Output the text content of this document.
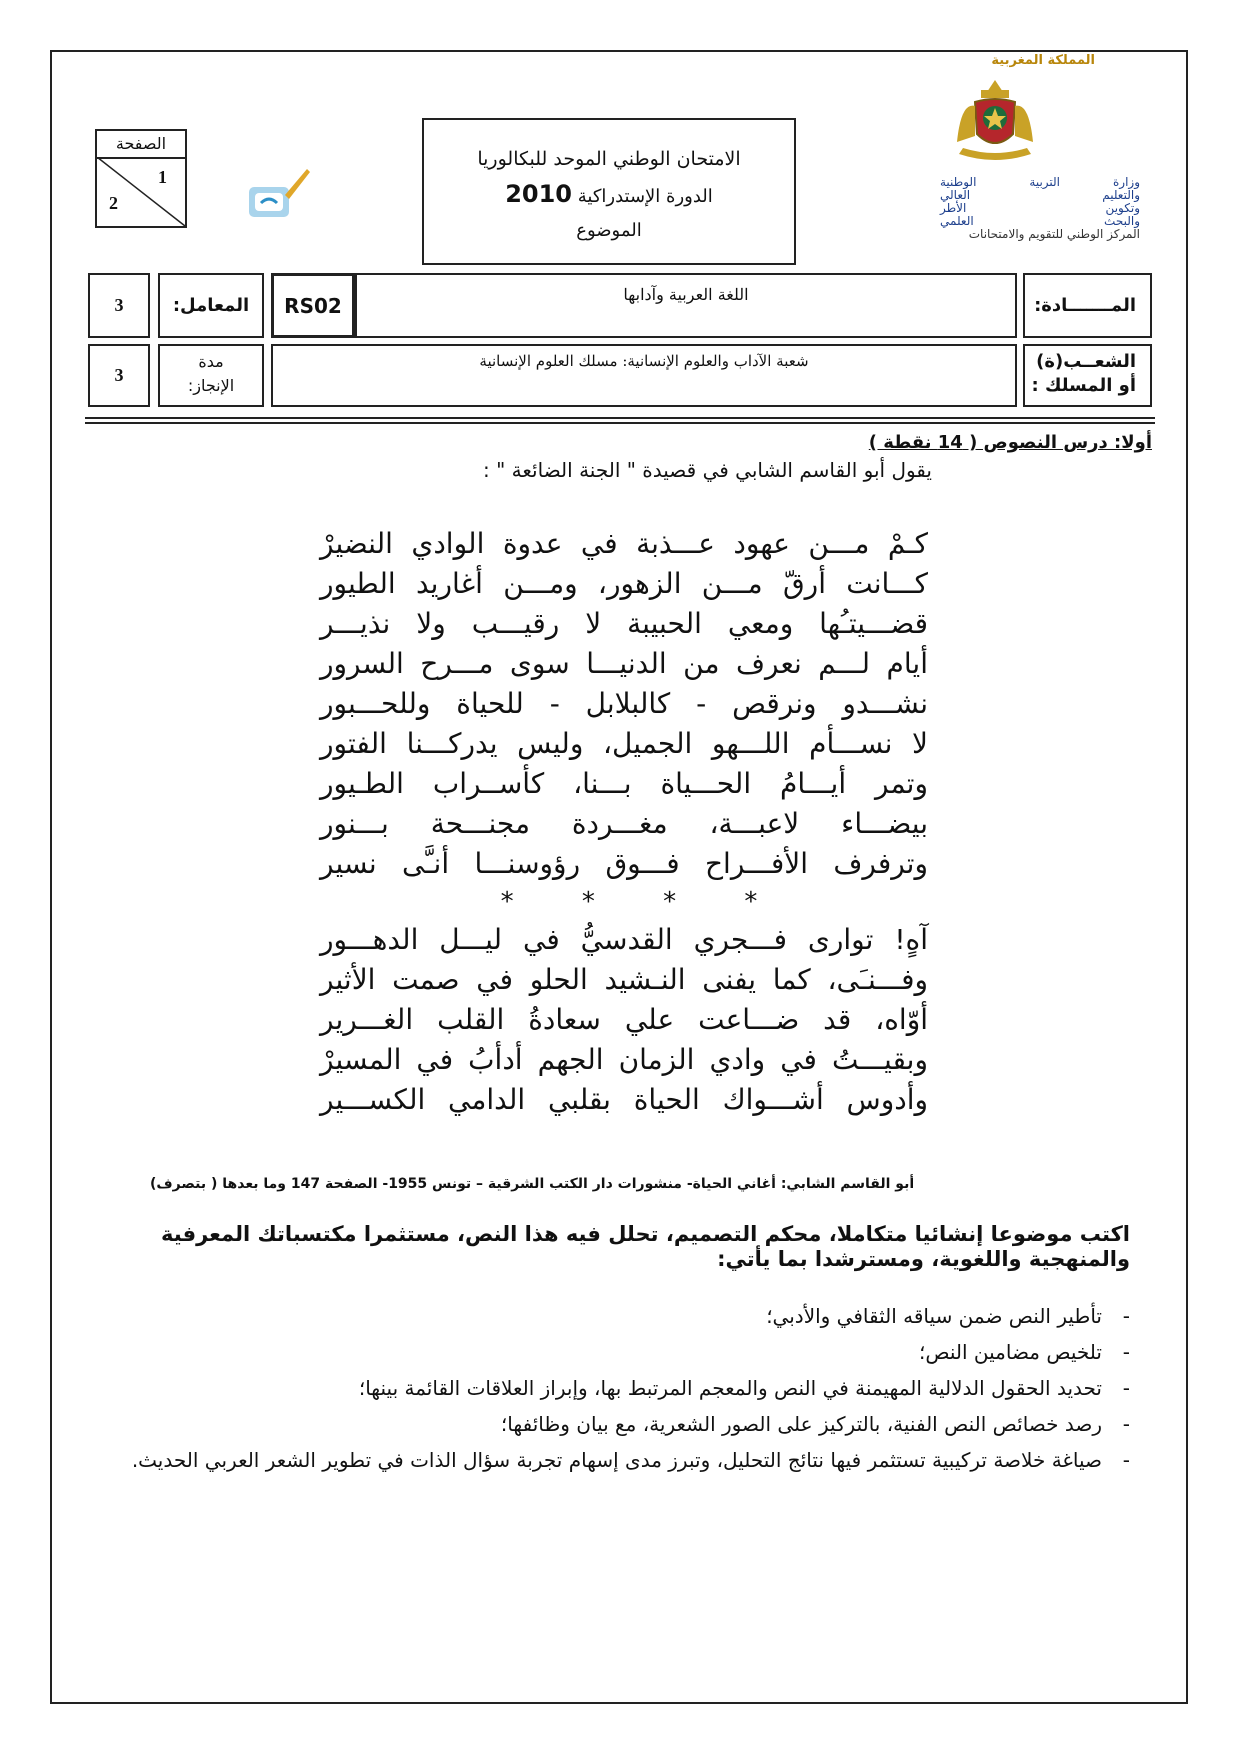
المملكة المغربية
وزارة التربية الوطنية
والتعليم العالي
وتكوين الأطر
والبحث العلمي
المركز الوطني للتقويم والامتحانات
الامتحان الوطني الموحد للبكالوريا
الدورة الإستدراكية 2010
الموضوع
الصفحة
1
2
المـــــــادة:
اللغة العربية وآدابها
RS02
المعامل:
3
الشعــب(ة)
أو المسلك :
شعبة الآداب والعلوم الإنسانية: مسلك العلوم الإنسانية
مدة
الإنجاز:
3
أولا: درس النصوص ( 14 نقطة )
يقول أبو القاسم الشابي في قصيدة " الجنة الضائعة " :
كـمْ مـــن عهود عـــذبة في عدوة الوادي النضيرْ
كـــانت أرقّ مـــن الزهور، ومـــن أغاريد الطيور
قضـــيتـُها ومعي الحبيبة لا رقيـــب ولا نذيـــر
أيام لـــم نعرف من الدنيـــا سوى مـــرح السرور
نشـــدو ونرقص - كالبلابل - للحياة وللحـــبور
لا نســـأم اللـــهو الجميل، وليس يدركـــنا الفتور
وتمر أيـــامُ الحـــياة بـــنا، كأســراب الطـيور
بيضـــاء لاعبـــة، مغـــردة مجنـــحة بـــنور
وترفرف الأفـــراح فـــوق رؤوسنـــا أنـَّى نسير
* * * *
آهٍ! توارى فـــجري القدسيُّ في ليـــل الدهـــور
وفـــنـَى، كما يفنى النـشيد الحلو في صمت الأثير
أوّاه، قد ضـــاعت علي سعادةُ القلب الغـــرير
وبقيـــتُ في وادي الزمان الجهم أدأبُ في المسيرْ
وأدوس أشـــواك الحياة بقلبي الدامي الكســـير
أبو القاسم الشابي: أغاني الحياة- منشورات دار الكتب الشرقية – تونس 1955- الصفحة 147 وما بعدها ( بتصرف)

اكتب موضوعا إنشائيا متكاملا، محكم التصميم، تحلل فيه هذا النص، مستثمرا مكتسباتك المعرفية والمنهجية واللغوية، ومسترشدا بما يأتي:

- تأطير النص ضمن سياقه الثقافي والأدبي؛
- تلخيص مضامين النص؛
- تحديد الحقول الدلالية المهيمنة في النص والمعجم المرتبط بها، وإبراز العلاقات القائمة بينها؛
- رصد خصائص النص الفنية، بالتركيز على الصور الشعرية، مع بيان وظائفها؛
- صياغة خلاصة تركيبية تستثمر فيها نتائج التحليل، وتبرز مدى إسهام تجربة سؤال الذات في تطوير الشعر العربي الحديث.
